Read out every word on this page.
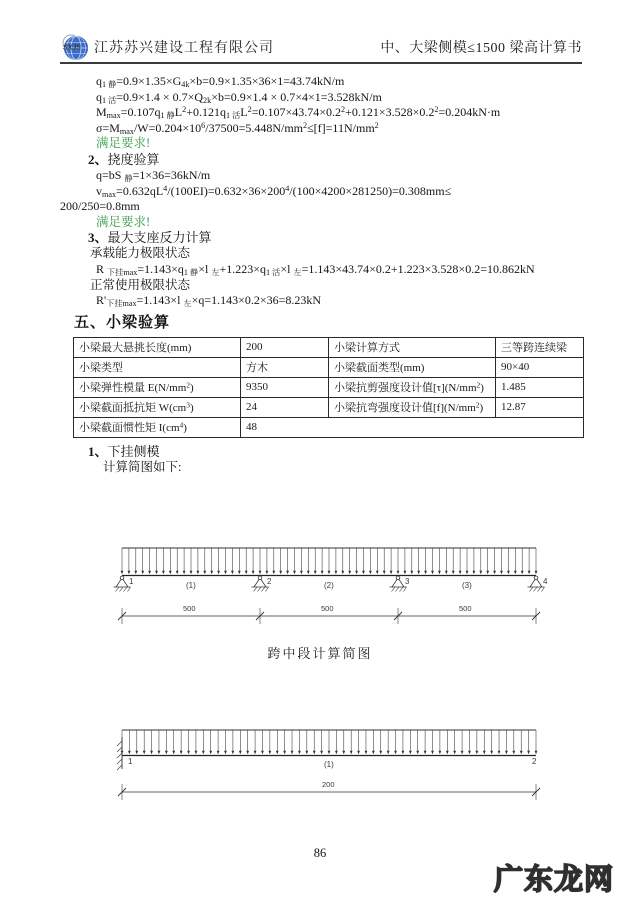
SXJS 江苏苏兴建设工程有限公司	中、大梁侧模≤1500 梁高计算书
$q_{1 静}=0.9\times 1.35\times G_{4k}\times b=0.9\times 1.35\times 36\times 1=43.74kN/m$
$q_{1 活}=0.9\times 1.4 \times 0.7\times Q_{2k}\times b=0.9\times 1.4 \times 0.7\times 4\times 1=3.528kN/m$
$M_{max}=0.107q_{1 静}L^2+0.121q_{1 活}L^2=0.107\times 43.74\times 0.2^2+0.121\times 3.528\times 0.2^2=0.204kN\cdot m$
$\sigma=M_{max}/W=0.204\times 10^6/37500=5.448N/mm^2\le[f]=11N/mm^2$
满足要求!
2、挠度验算
q=bS $_静$=1×36=36kN/m
$v_{max}=0.632qL^4/(100EI)=0.632\times 36\times 200^4/(100\times 4200\times 281250)=0.308mm\le$
200/250=0.8mm
满足要求!
3、最大支座反力计算
承载能力极限状态
R $_{下挂max}=1.143\times q_{1 静}\times l$ $_左+1.223\times q_{1 活}\times l$ $_左$=1.143×43.74×0.2+1.223×3.528×0.2=10.862kN
正常使用极限状态
$R'_{下挂max}=1.143\times l$ $_左$×q=1.143×0.2×36=8.23kN
五、小梁验算
小梁最大悬挑长度(mm)	200	小梁计算方式	三等跨连续梁
小梁类型	方木	小梁截面类型(mm)	90×40
小梁弹性模量 $E(N/mm^2)$	9350	小梁抗剪强度设计值$[\tau](N/mm^2)$	1.485
小梁截面抵抗矩 $W(cm^3)$	24	小梁抗弯强度设计值$[f](N/mm^2)$	12.87
小梁截面惯性矩 $I(cm^4)$	48		
1、下挂侧模
计算简图如下:
1	2	3	4
(1)	(2)	(3)
500	500	500
跨中段计算简图
1	2
(1)
200
86
广东龙网
